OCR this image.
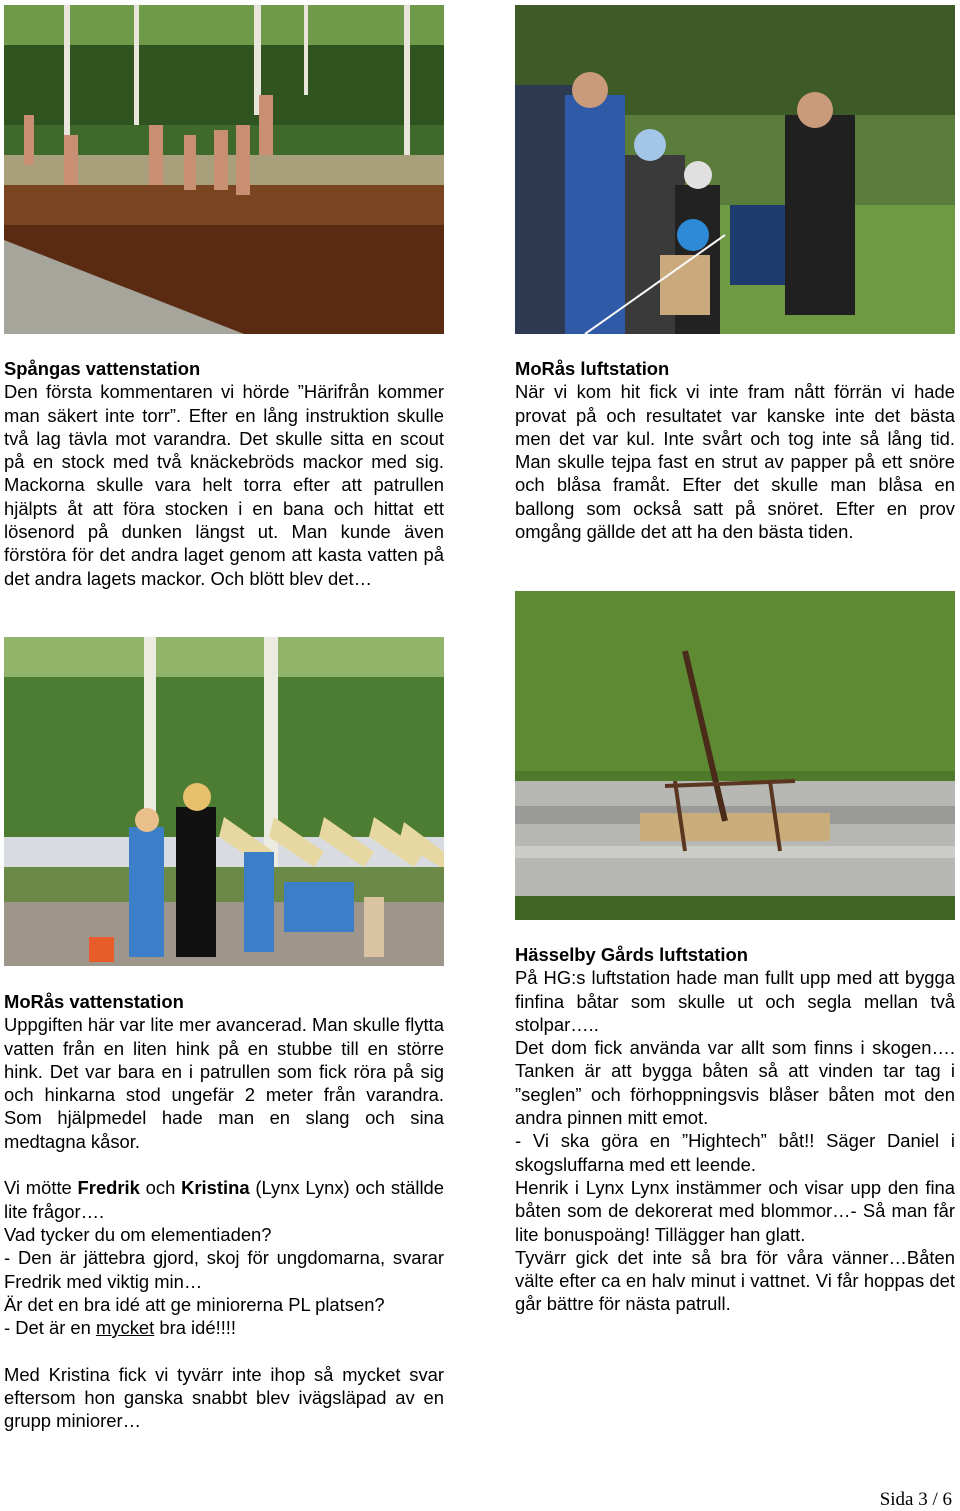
Spångas vattenstation

Den första kommentaren vi hörde ”Härifrån kommer man säkert inte torr”. Efter en lång instruktion skulle två lag tävla mot varandra. Det skulle sitta en scout på en stock med två knäckebröds mackor med sig. Mackorna skulle vara helt torra efter att patrullen hjälpts åt att föra stocken i en bana och hittat ett lösenord på dunken längst ut. Man kunde även förstöra för det andra laget genom att kasta vatten på det andra lagets mackor. Och blött blev det…

MoRås luftstation

När vi kom hit fick vi inte fram nått förrän vi hade provat på och resultatet var kanske inte det bästa men det var kul. Inte svårt och tog inte så lång tid. Man skulle tejpa fast en strut av papper på ett snöre och blåsa framåt. Efter det skulle man blåsa en ballong som också satt på snöret. Efter en prov omgång gällde det att ha den bästa tiden.

MoRås vattenstation

Uppgiften här var lite mer avancerad. Man skulle flytta vatten från en liten hink på en stubbe till en större hink. Det var bara en i patrullen som fick röra på sig och hinkarna stod ungefär 2 meter från varandra. Som hjälpmedel hade man en slang och sina medtagna kåsor.

Vi mötte Fredrik och Kristina (Lynx Lynx) och ställde lite frågor….

Vad tycker du om elementiaden?

- Den är jättebra gjord, skoj för ungdomarna, svarar Fredrik med viktig min…

Är det en bra idé att ge miniorerna PL platsen?

- Det är en mycket bra idé!!!!

Med Kristina fick vi tyvärr inte ihop så mycket svar eftersom hon ganska snabbt blev ivägsläpad av en grupp miniorer…

Hässelby Gårds luftstation

På HG:s luftstation hade man fullt upp med att bygga finfina båtar som skulle ut och segla mellan två stolpar…..

Det dom fick använda var allt som finns i skogen…. Tanken är att bygga båten så att vinden tar tag i ”seglen” och förhoppningsvis blåser båten mot den andra pinnen mitt emot.

- Vi ska göra en ”Hightech” båt!! Säger Daniel i skogsluffarna med ett leende.

Henrik i Lynx Lynx instämmer och visar upp den fina båten som de dekorerat med blommor…- Så man får lite bonuspoäng! Tillägger han glatt.

Tyvärr gick det inte så bra för våra vänner…Båten välte efter ca en halv minut i vattnet. Vi får hoppas det går bättre för nästa patrull.

Sida 3 / 6
